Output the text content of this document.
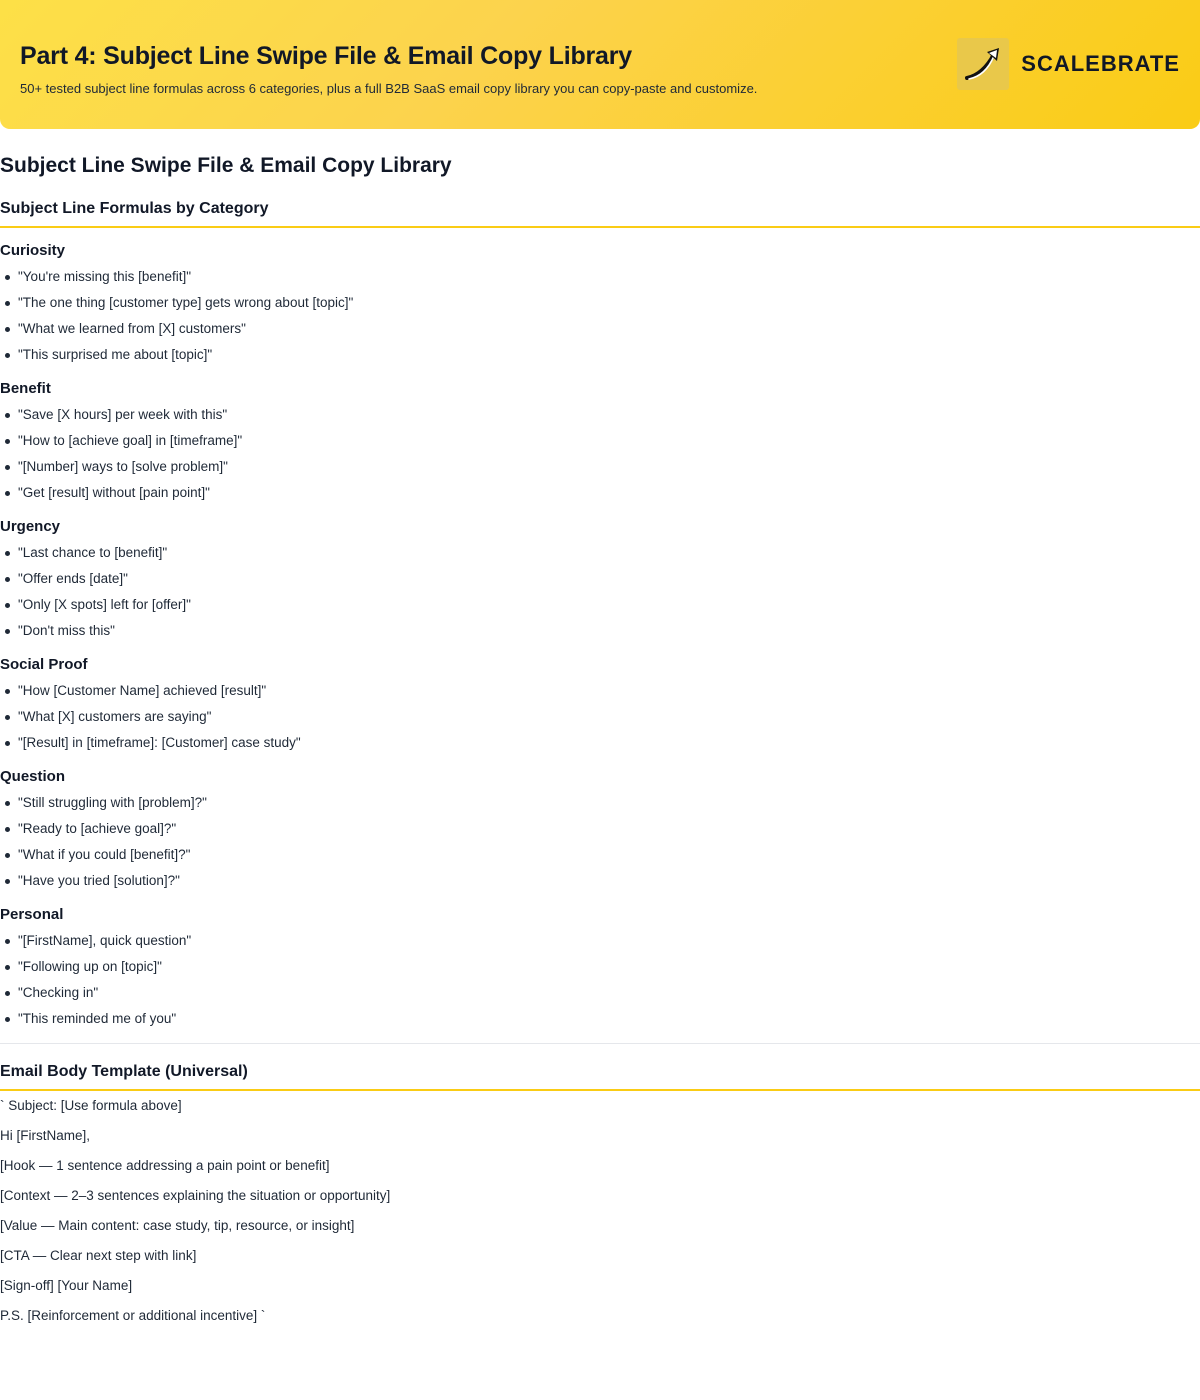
Part 4: Subject Line Swipe File & Email Copy Library
50+ tested subject line formulas across 6 categories, plus a full B2B SaaS email copy library you can copy-paste and customize.
SCALEBRATE
Subject Line Swipe File & Email Copy Library
Subject Line Formulas by Category
Curiosity
"You're missing this [benefit]"
"The one thing [customer type] gets wrong about [topic]"
"What we learned from [X] customers"
"This surprised me about [topic]"
Benefit
"Save [X hours] per week with this"
"How to [achieve goal] in [timeframe]"
"[Number] ways to [solve problem]"
"Get [result] without [pain point]"
Urgency
"Last chance to [benefit]"
"Offer ends [date]"
"Only [X spots] left for [offer]"
"Don't miss this"
Social Proof
"How [Customer Name] achieved [result]"
"What [X] customers are saying"
"[Result] in [timeframe]: [Customer] case study"
Question
"Still struggling with [problem]?"
"Ready to [achieve goal]?"
"What if you could [benefit]?"
"Have you tried [solution]?"
Personal
"[FirstName], quick question"
"Following up on [topic]"
"Checking in"
"This reminded me of you"
Email Body Template (Universal)

` Subject: [Use formula above]

Hi [FirstName],

[Hook — 1 sentence addressing a pain point or benefit]

[Context — 2–3 sentences explaining the situation or opportunity]

[Value — Main content: case study, tip, resource, or insight]

[CTA — Clear next step with link]

[Sign-off] [Your Name]

P.S. [Reinforcement or additional incentive] `
